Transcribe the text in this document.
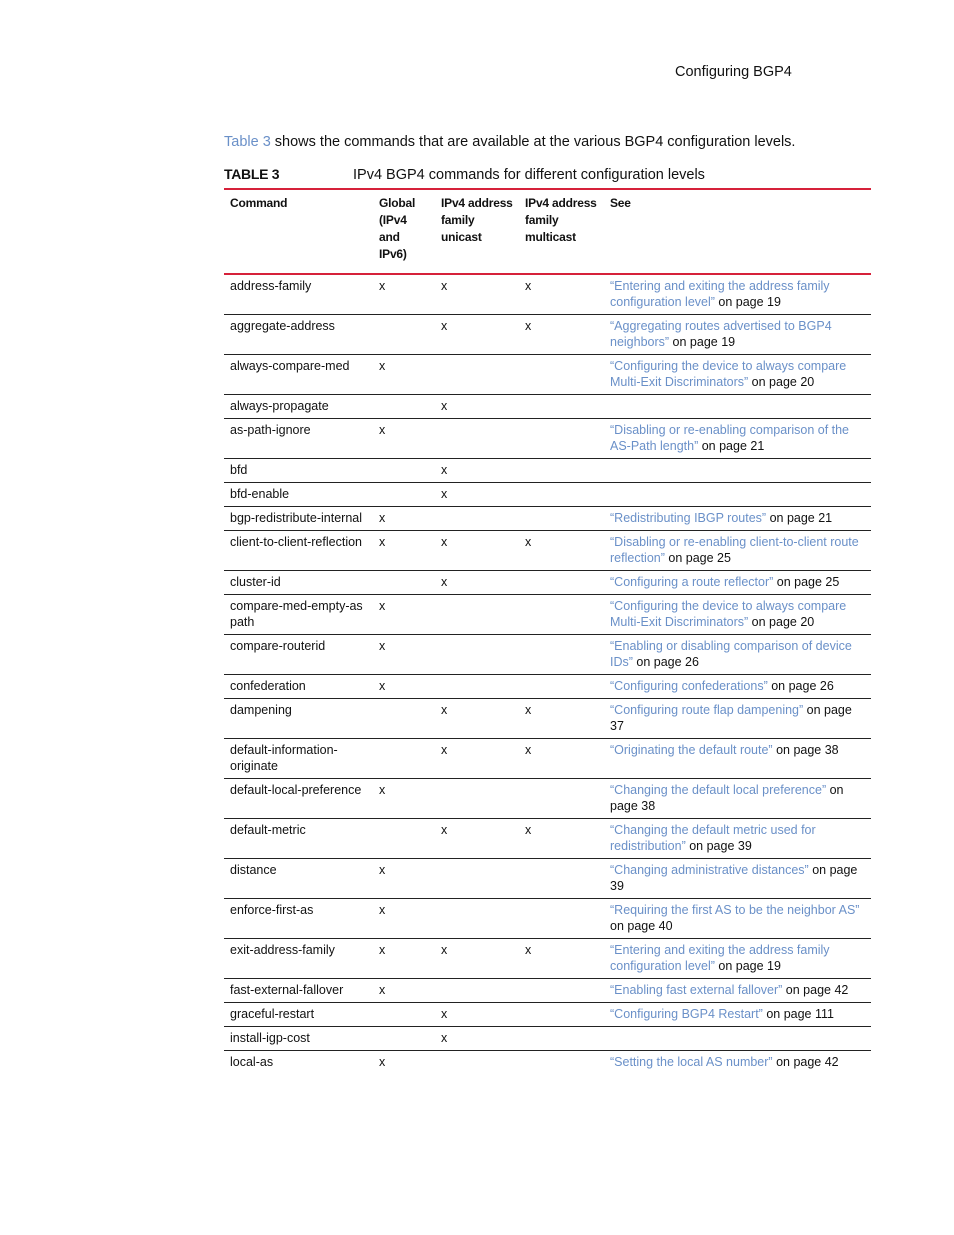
Configuring BGP4
Table 3 shows the commands that are available at the various BGP4 configuration levels.
TABLE 3	IPv4 BGP4 commands for different configuration levels
Command	Global (IPv4 and IPv6)	IPv4 address family unicast	IPv4 address family multicast	See
address-family	x	x	x	“Entering and exiting the address family configuration level” on page 19
aggregate-address		x	x	“Aggregating routes advertised to BGP4 neighbors” on page 19
always-compare-med	x			“Configuring the device to always compare Multi-Exit Discriminators” on page 20
always-propagate		x		
as-path-ignore	x			“Disabling or re-enabling comparison of the AS-Path length” on page 21
bfd		x		
bfd-enable		x		
bgp-redistribute-internal	x			“Redistributing IBGP routes” on page 21
client-to-client-reflection	x	x	x	“Disabling or re-enabling client-to-client route reflection” on page 25
cluster-id		x		“Configuring a route reflector” on page 25
compare-med-empty-as path	x			“Configuring the device to always compare Multi-Exit Discriminators” on page 20
compare-routerid	x			“Enabling or disabling comparison of device IDs” on page 26
confederation	x			“Configuring confederations” on page 26
dampening		x	x	“Configuring route flap dampening” on page 37
default-information-originate		x	x	“Originating the default route” on page 38
default-local-preference	x			“Changing the default local preference” on page 38
default-metric		x	x	“Changing the default metric used for redistribution” on page 39
distance	x			“Changing administrative distances” on page 39
enforce-first-as	x			“Requiring the first AS to be the neighbor AS” on page 40
exit-address-family	x	x	x	“Entering and exiting the address family configuration level” on page 19
fast-external-fallover	x			“Enabling fast external fallover” on page 42
graceful-restart		x		“Configuring BGP4 Restart” on page 111
install-igp-cost		x		
local-as	x			“Setting the local AS number” on page 42
